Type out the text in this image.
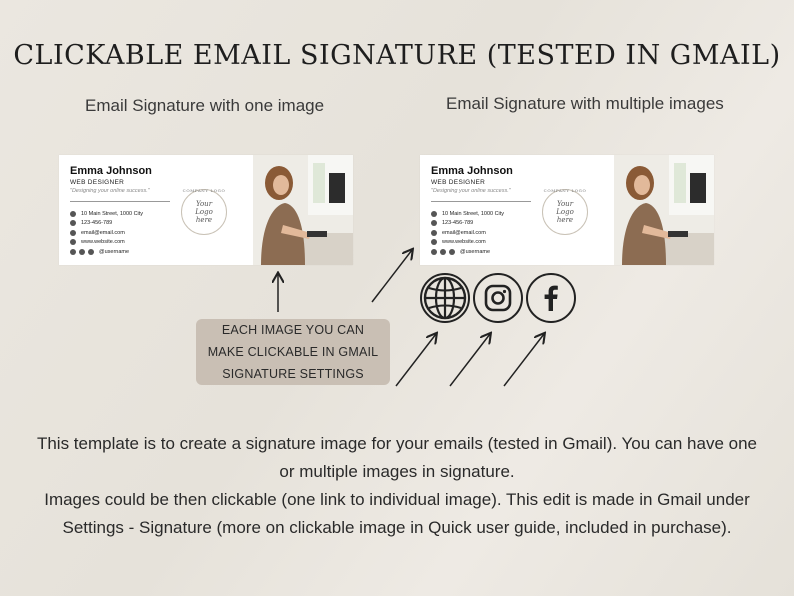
CLICKABLE EMAIL SIGNATURE (TESTED IN GMAIL)
Email Signature with one image	Email Signature with multiple images
Emma Johnson
WEB DESIGNER
"Designing your online success."
10 Main Street, 1000 City
123-456-789
email@email.com
www.website.com
@username
COMPANY LOGO
Your Logo here
Emma Johnson
WEB DESIGNER
"Designing your online success."
10 Main Street, 1000 City
123-456-789
email@email.com
www.website.com
@username
COMPANY LOGO
Your Logo here
EACH IMAGE YOU CAN
MAKE CLICKABLE IN GMAIL
SIGNATURE SETTINGS

This template is to create a signature image for your emails (tested in Gmail). You can have one

or multiple images in signature.

Images could be then clickable (one link to individual image). This edit is made in Gmail under

Settings - Signature (more on clickable image in Quick user guide, included in purchase).
